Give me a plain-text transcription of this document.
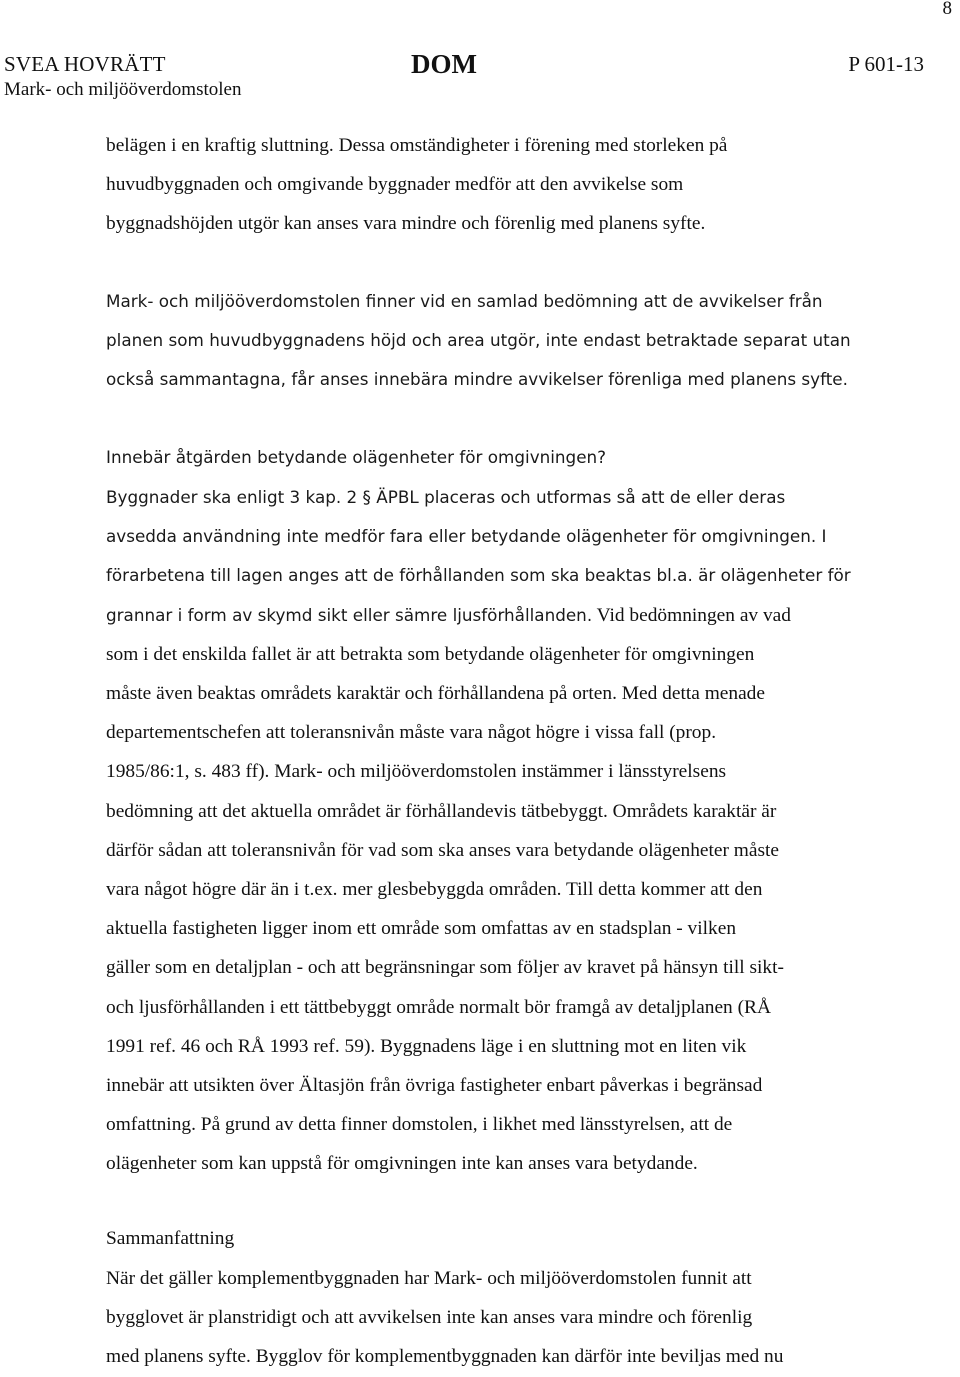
8
SVEA HOVRÄTT
Mark- och miljööverdomstolen
DOM	P 601-13
belägen i en kraftig sluttning. Dessa omständigheter i förening med storleken på
huvudbyggnaden och omgivande byggnader medför att den avvikelse som
byggnadshöjden utgör kan anses vara mindre och förenlig med planens syfte.
Mark- och miljööverdomstolen finner vid en samlad bedömning att de avvikelser från
planen som huvudbyggnadens höjd och area utgör, inte endast betraktade separat utan
också sammantagna, får anses innebära mindre avvikelser förenliga med planens syfte.
Innebär åtgärden betydande olägenheter för omgivningen?
Byggnader ska enligt 3 kap. 2 § ÄPBL placeras och utformas så att de eller deras
avsedda användning inte medför fara eller betydande olägenheter för omgivningen. I
förarbetena till lagen anges att de förhållanden som ska beaktas bl.a. är olägenheter för
grannar i form av skymd sikt eller sämre ljusförhållanden. Vid bedömningen av vad
som i det enskilda fallet är att betrakta som betydande olägenheter för omgivningen
måste även beaktas områdets karaktär och förhållandena på orten. Med detta menade
departementschefen att toleransnivån måste vara något högre i vissa fall (prop.
1985/86:1, s. 483 ff). Mark- och miljööverdomstolen instämmer i länsstyrelsens
bedömning att det aktuella området är förhållandevis tätbebyggt. Områdets karaktär är
därför sådan att toleransnivån för vad som ska anses vara betydande olägenheter måste
vara något högre där än i t.ex. mer glesbebyggda områden. Till detta kommer att den
aktuella fastigheten ligger inom ett område som omfattas av en stadsplan - vilken
gäller som en detaljplan - och att begränsningar som följer av kravet på hänsyn till sikt-
och ljusförhållanden i ett tättbebyggt område normalt bör framgå av detaljplanen (RÅ
1991 ref. 46 och RÅ 1993 ref. 59). Byggnadens läge i en sluttning mot en liten vik
innebär att utsikten över Ältasjön från övriga fastigheter enbart påverkas i begränsad
omfattning. På grund av detta finner domstolen, i likhet med länsstyrelsen, att de
olägenheter som kan uppstå för omgivningen inte kan anses vara betydande.
Sammanfattning
När det gäller komplementbyggnaden har Mark- och miljööverdomstolen funnit att
bygglovet är planstridigt och att avvikelsen inte kan anses vara mindre och förenlig
med planens syfte. Bygglov för komplementbyggnaden kan därför inte beviljas med nu
